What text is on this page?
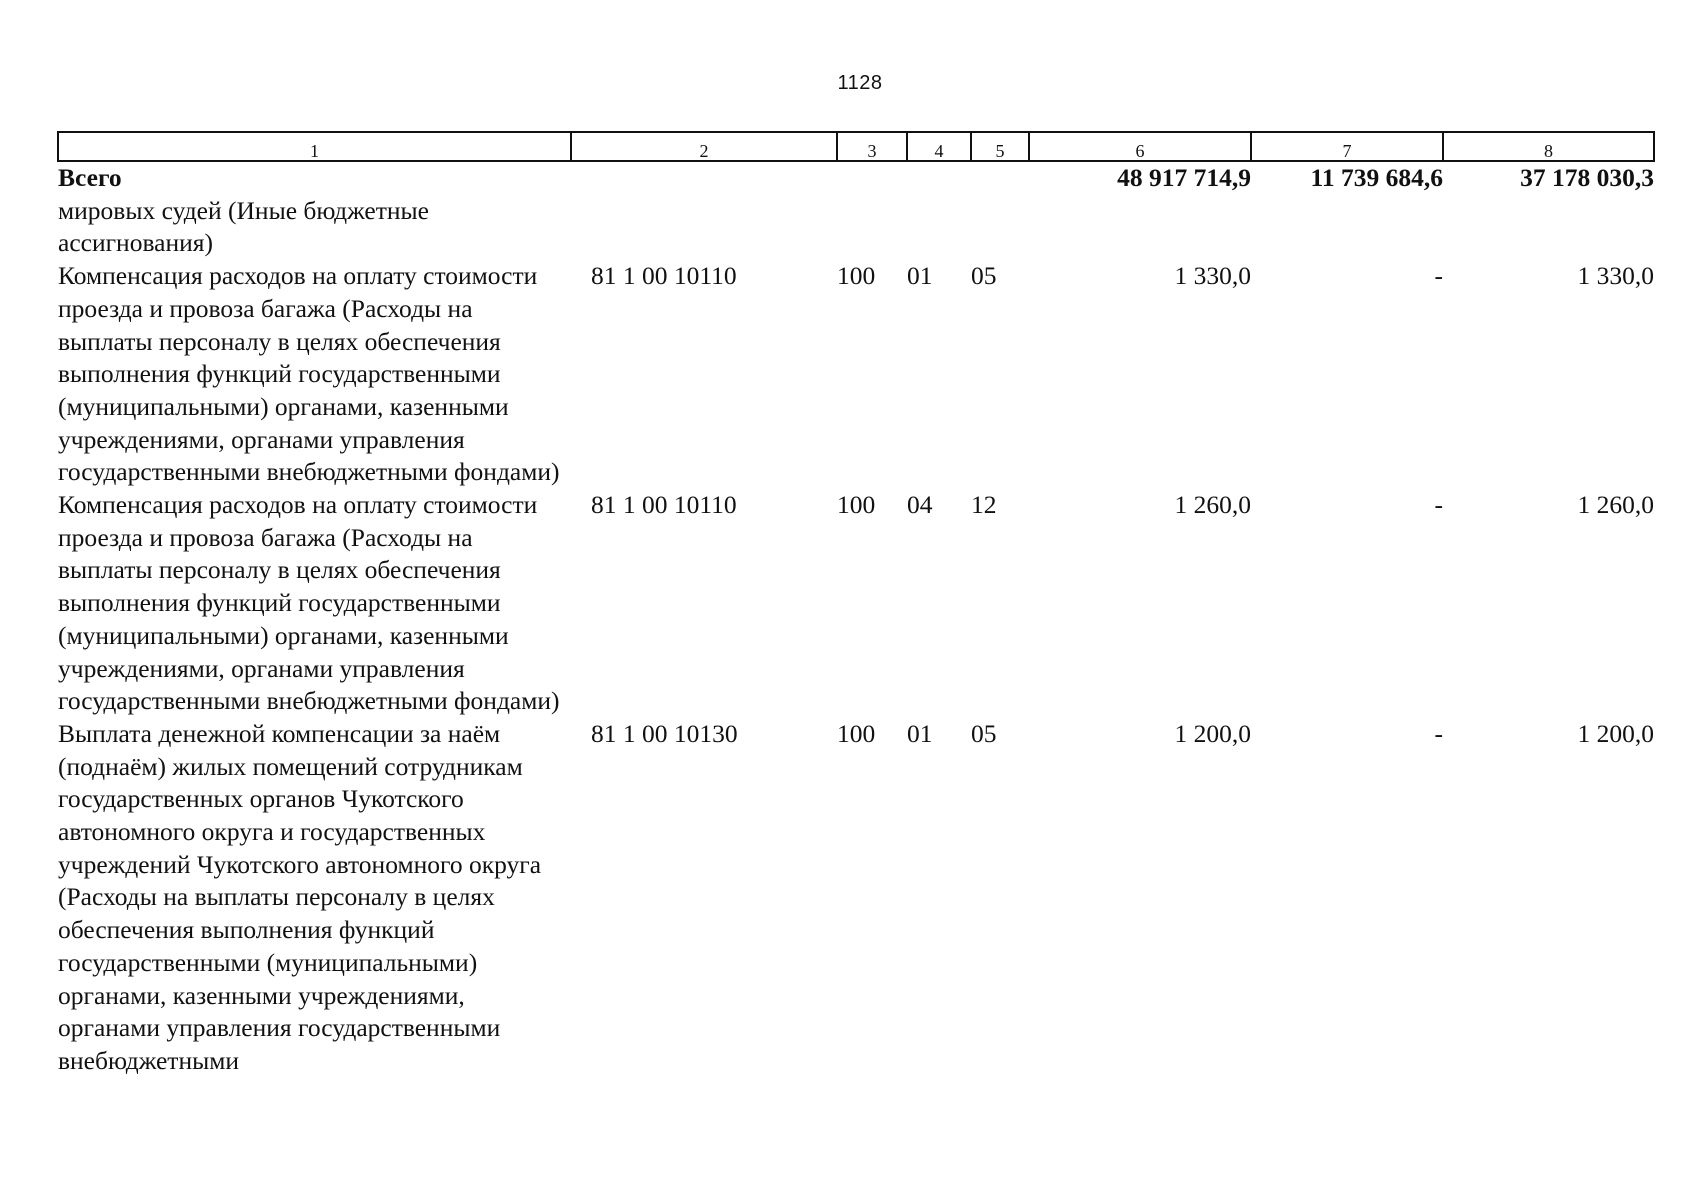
1128
1	2	3	4	5	6	7	8
Всего					48 917 714,9	11 739 684,6	37 178 030,3
мировых судей (Иные бюджетные ассигнования)							
Компенсация расходов на оплату стоимости проезда и провоза багажа (Расходы на выплаты персоналу в целях обеспечения выполнения функций государственными (муниципальными) органами, казенными учреждениями, органами управления государственными внебюджетными фондами)	81 1 00 10110	100	01	05	1 330,0	-	1 330,0
Компенсация расходов на оплату стоимости проезда и провоза багажа (Расходы на выплаты персоналу в целях обеспечения выполнения функций государственными (муниципальными) органами, казенными учреждениями, органами управления государственными внебюджетными фондами)	81 1 00 10110	100	04	12	1 260,0	-	1 260,0
Выплата денежной компенсации за наём (поднаём) жилых помещений сотрудникам государственных органов Чукотского автономного округа и государственных учреждений Чукотского автономного округа (Расходы на выплаты персоналу в целях обеспечения выполнения функций государственными (муниципальными) органами, казенными учреждениями, органами управления государственными внебюджетными	81 1 00 10130	100	01	05	1 200,0	-	1 200,0
